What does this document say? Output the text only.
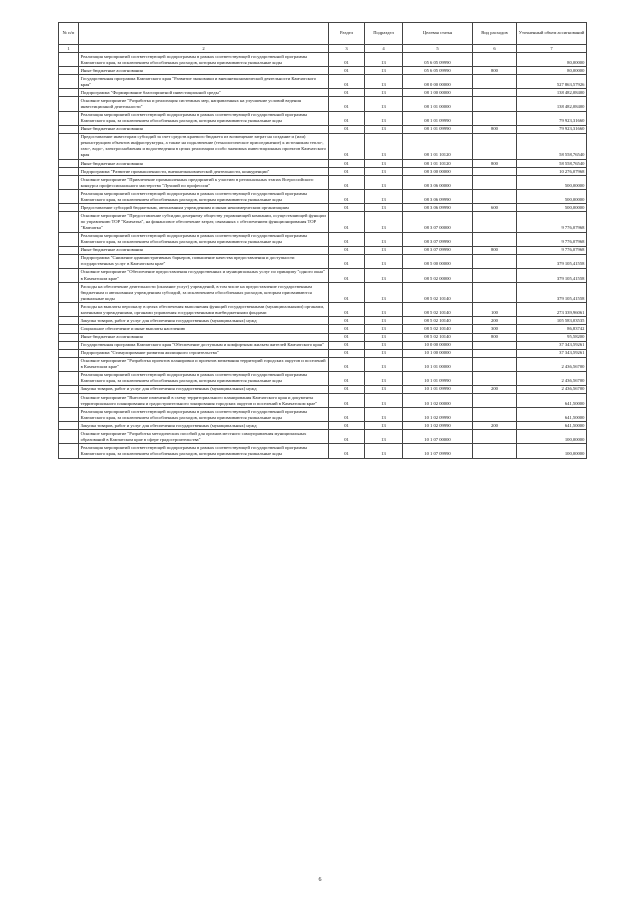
№ п/п		Раздел	Подраздел	Целевая статья	Вид расходов	Уточненный объем ассигнований
1	2	3	4	5	6	7
	Реализация мероприятий соответствующей подпрограммы в рамках соответствующей государственной программы Камчатского края, за исключением обособленных расходов, которым присваиваются уникальные коды	01	13	05 6 05 09990		80,00000
	Иные бюджетные ассигнования	01	13	05 6 05 09990	800	80,00000
	Государственная программа Камчатского края "Развитие экономики и внешнеэкономической деятельности Камчатского края"	01	13	08 0 00 00000		527 863,57926
	Подпрограмма "Формирование благоприятной инвестиционной среды"	01	13	08 1 00 00000		138 482,08400
	Основное мероприятие "Разработка и реализация системных мер, направленных на улучшение условий ведения инвестиционной деятельности"	01	13	08 1 01 00000		138 482,08400
	Реализация мероприятий соответствующей подпрограммы в рамках соответствующей государственной программы Камчатского края, за исключением обособленных расходов, которым присваиваются уникальные коды	01	13	08 1 01 09990		79 923,31660
	Иные бюджетные ассигнования	01	13	08 1 01 09990	800	79 923,31660
	Предоставление инвесторам субсидий за счет средств краевого бюджета из возмещение затрат на создание и (или) реконструкцию объектов инфраструктуры, а также на подключение (технологическое присоединение) к источникам тепло-, газо-, водо-, электроснабжения и водоотведения в целях реализации особо значимых инвестиционных проектов Камчатского края	01	13	08 1 01 10120		58 558,76540
	Иные бюджетные ассигнования	01	13	08 1 01 10120	800	58 558,76540
	Подпрограмма "Развитие промышленности, внешнеэкономической деятельности, конкуренции"	01	13	08 3 00 00000		10 276,07968
	Основное мероприятие "Привлечение промышленных предприятий к участию в региональных этапах Всероссийского конкурса профессионального мастерства "Лучший по профессии"	01	13	08 3 06 00000		500,00000
	Реализация мероприятий соответствующей подпрограммы в рамках соответствующей государственной программы Камчатского края, за исключением обособленных расходов, которым присваиваются уникальные коды	01	13	08 3 06 09990		500,00000
	Предоставление субсидий бюджетным, автономным учреждениям и иным некоммерческим организациям	01	13	08 3 06 09990	600	500,00000
	Основное мероприятие "Предоставление субсидии дочернему обществу управляющей компании, осуществляющей функции по управлению ТОР "Камчатка", на финансовое обеспечение затрат, связанных с обеспечением функционирования ТОР "Камчатка"	01	13	08 3 07 00000		9 776,07968
	Реализация мероприятий соответствующей подпрограммы в рамках соответствующей государственной программы Камчатского края, за исключением обособленных расходов, которым присваиваются уникальные коды	01	13	08 3 07 09990		9 776,07968
	Иные бюджетные ассигнования	01	13	08 3 07 09990	800	9 776,07968
	Подпрограмма "Снижение административных барьеров, повышение качества предоставления и доступности государственных услуг в Камчатском крае"	01	13	08 5 00 00000		379 105,41558
	Основное мероприятие "Обеспечение предоставления государственных и муниципальных услуг по принципу "одного окна" в Камчатском крае"	01	13	08 5 02 00000		379 105,41558
	Расходы на обеспечение деятельности (оказание услуг) учреждений, в том числе на предоставление государственным бюджетным и автономным учреждениям субсидий, за исключением обособленных расходов, которым присваиваются уникальные коды	01	13	08 5 02 10140		379 105,41558
	Расходы на выплаты персоналу в целях обеспечения выполнения функций государственными (муниципальными) органами, казенными учреждениями, органами управления государственными внебюджетными фондами	01	13	08 5 02 10140	100	273 339,96061
	Закупка товаров, работ и услуг для обеспечения государственных (муниципальных) нужд	01	13	08 5 02 10140	200	105 583,03535
	Социальное обеспечение и иные выплаты населению	01	13	08 5 02 10140	300	86,83742
	Иные бюджетные ассигнования	01	13	08 5 02 10140	800	95,58200
	Государственная программа Камчатского края "Обеспечение доступным и комфортным жильем жителей Камчатского края"	01	13	10 0 00 00000		37 343,59261
	Подпрограмма "Стимулирование развития жилищного строительства"	01	13	10 1 00 00000		37 343,59261
	Основное мероприятие "Разработка проектов планировки и проектов межевания территорий городских округов и поселений в Камчатском крае"	01	13	10 1 01 00000		2 436,56700
	Реализация мероприятий соответствующей подпрограммы в рамках соответствующей государственной программы Камчатского края, за исключением обособленных расходов, которым присваиваются уникальные коды	01	13	10 1 01 09990		2 436,56700
	Закупка товаров, работ и услуг для обеспечения государственных (муниципальных) нужд	01	13	10 1 01 09990	200	2 436,56700
	Основное мероприятие "Внесение изменений в схему территориального планирования Камчатского края и документы территориального планирования и градостроительного зонирования городских округов и поселений в Камчатском крае"	01	13	10 1 02 00000		641,50000
	Реализация мероприятий соответствующей подпрограммы в рамках соответствующей государственной программы Камчатского края, за исключением обособленных расходов, которым присваиваются уникальные коды	01	13	10 1 02 09990		641,50000
	Закупка товаров, работ и услуг для обеспечения государственных (муниципальных) нужд	01	13	10 1 02 09990	200	641,50000
	Основное мероприятие "Разработка методических пособий для органов местного самоуправления муниципальных образований в Камчатском крае в сфере градостроительства"	01	13	10 1 07 00000		100,00000
	Реализация мероприятий соответствующей подпрограммы в рамках соответствующей государственной программы Камчатского края, за исключением обособленных расходов, которым присваиваются уникальные коды	01	13	10 1 07 09990		100,00000
6
